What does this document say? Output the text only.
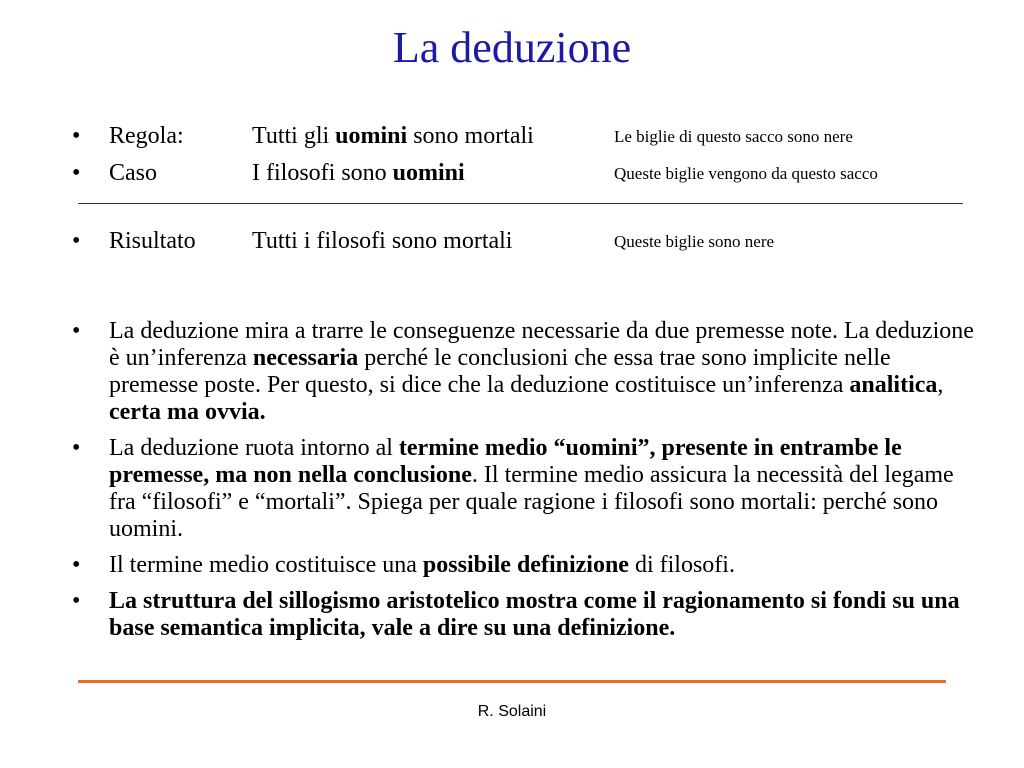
La deduzione
• Regola:	Tutti gli uomini sono mortali	Le biglie di questo sacco sono nere
• Caso	I filosofi sono uomini	Queste biglie vengono da questo sacco
• Risultato Tutti i filosofi sono mortali	Queste biglie sono nere
• La deduzione mira a trarre le conseguenze necessarie da due premesse note. La deduzione è un’inferenza necessaria perché le conclusioni che essa trae sono implicite nelle premesse poste. Per questo, si dice che la deduzione costituisce un’inferenza analitica, certa ma ovvia.
• La deduzione ruota intorno al termine medio “uomini”, presente in entrambe le premesse, ma non nella conclusione. Il termine medio assicura la necessità del legame fra “filosofi” e “mortali”. Spiega per quale ragione i filosofi sono mortali: perché sono uomini.
• Il termine medio costituisce una possibile definizione di filosofi.
• La struttura del sillogismo aristotelico mostra come il ragionamento si fondi su una base semantica implicita, vale a dire su una definizione.
R. Solaini
